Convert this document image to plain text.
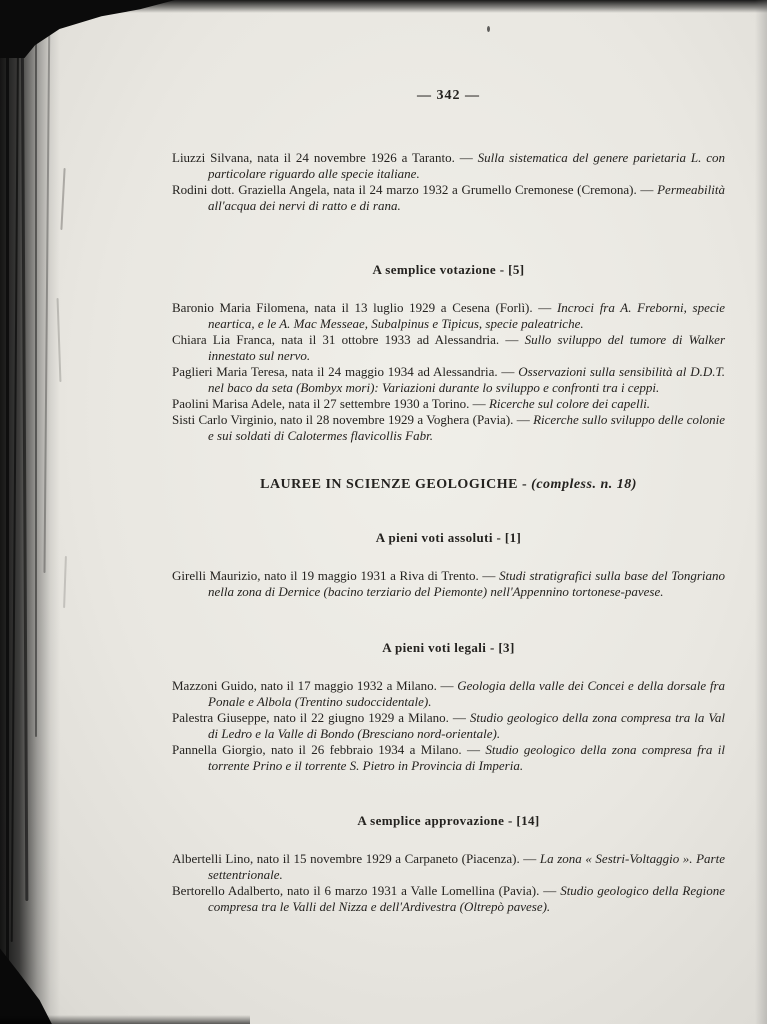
— 342 —

Liuzzi Silvana, nata il 24 novembre 1926 a Taranto. — Sulla sistematica del genere parietaria L. con particolare riguardo alle specie italiane.

Rodini dott. Graziella Angela, nata il 24 marzo 1932 a Grumello Cremonese (Cremona). — Permeabilità all'acqua dei nervi di ratto e di rana.

A semplice votazione - [5]

Baronio Maria Filomena, nata il 13 luglio 1929 a Cesena (Forlì). — Incroci fra A. Freborni, specie neartica, e le A. Mac Messeae, Subalpinus e Tipicus, specie paleatriche.

Chiara Lia Franca, nata il 31 ottobre 1933 ad Alessandria. — Sullo sviluppo del tumore di Walker innestato sul nervo.

Paglieri Maria Teresa, nata il 24 maggio 1934 ad Alessandria. — Osservazioni sulla sensibilità al D.D.T. nel baco da seta (Bombyx mori): Variazioni durante lo sviluppo e confronti tra i ceppi.

Paolini Marisa Adele, nata il 27 settembre 1930 a Torino. — Ricerche sul colore dei capelli.

Sisti Carlo Virginio, nato il 28 novembre 1929 a Voghera (Pavia). — Ricerche sullo sviluppo delle colonie e sui soldati di Calotermes flavicollis Fabr.

LAUREE IN SCIENZE GEOLOGICHE - (compless. n. 18)
A pieni voti assoluti - [1]

Girelli Maurizio, nato il 19 maggio 1931 a Riva di Trento. — Studi stratigrafici sulla base del Tongriano nella zona di Dernice (bacino terziario del Piemonte) nell'Appennino tortonese-pavese.

A pieni voti legali - [3]

Mazzoni Guido, nato il 17 maggio 1932 a Milano. — Geologia della valle dei Concei e della dorsale fra Ponale e Albola (Trentino sudoccidentale).

Palestra Giuseppe, nato il 22 giugno 1929 a Milano. — Studio geologico della zona compresa tra la Val di Ledro e la Valle di Bondo (Bresciano nord-orientale).

Pannella Giorgio, nato il 26 febbraio 1934 a Milano. — Studio geologico della zona compresa fra il torrente Prino e il torrente S. Pietro in Provincia di Imperia.

A semplice approvazione - [14]

Albertelli Lino, nato il 15 novembre 1929 a Carpaneto (Piacenza). — La zona « Sestri-Voltaggio ». Parte settentrionale.

Bertorello Adalberto, nato il 6 marzo 1931 a Valle Lomellina (Pavia). — Studio geologico della Regione compresa tra le Valli del Nizza e dell'Ardivestra (Oltrepò pavese).
